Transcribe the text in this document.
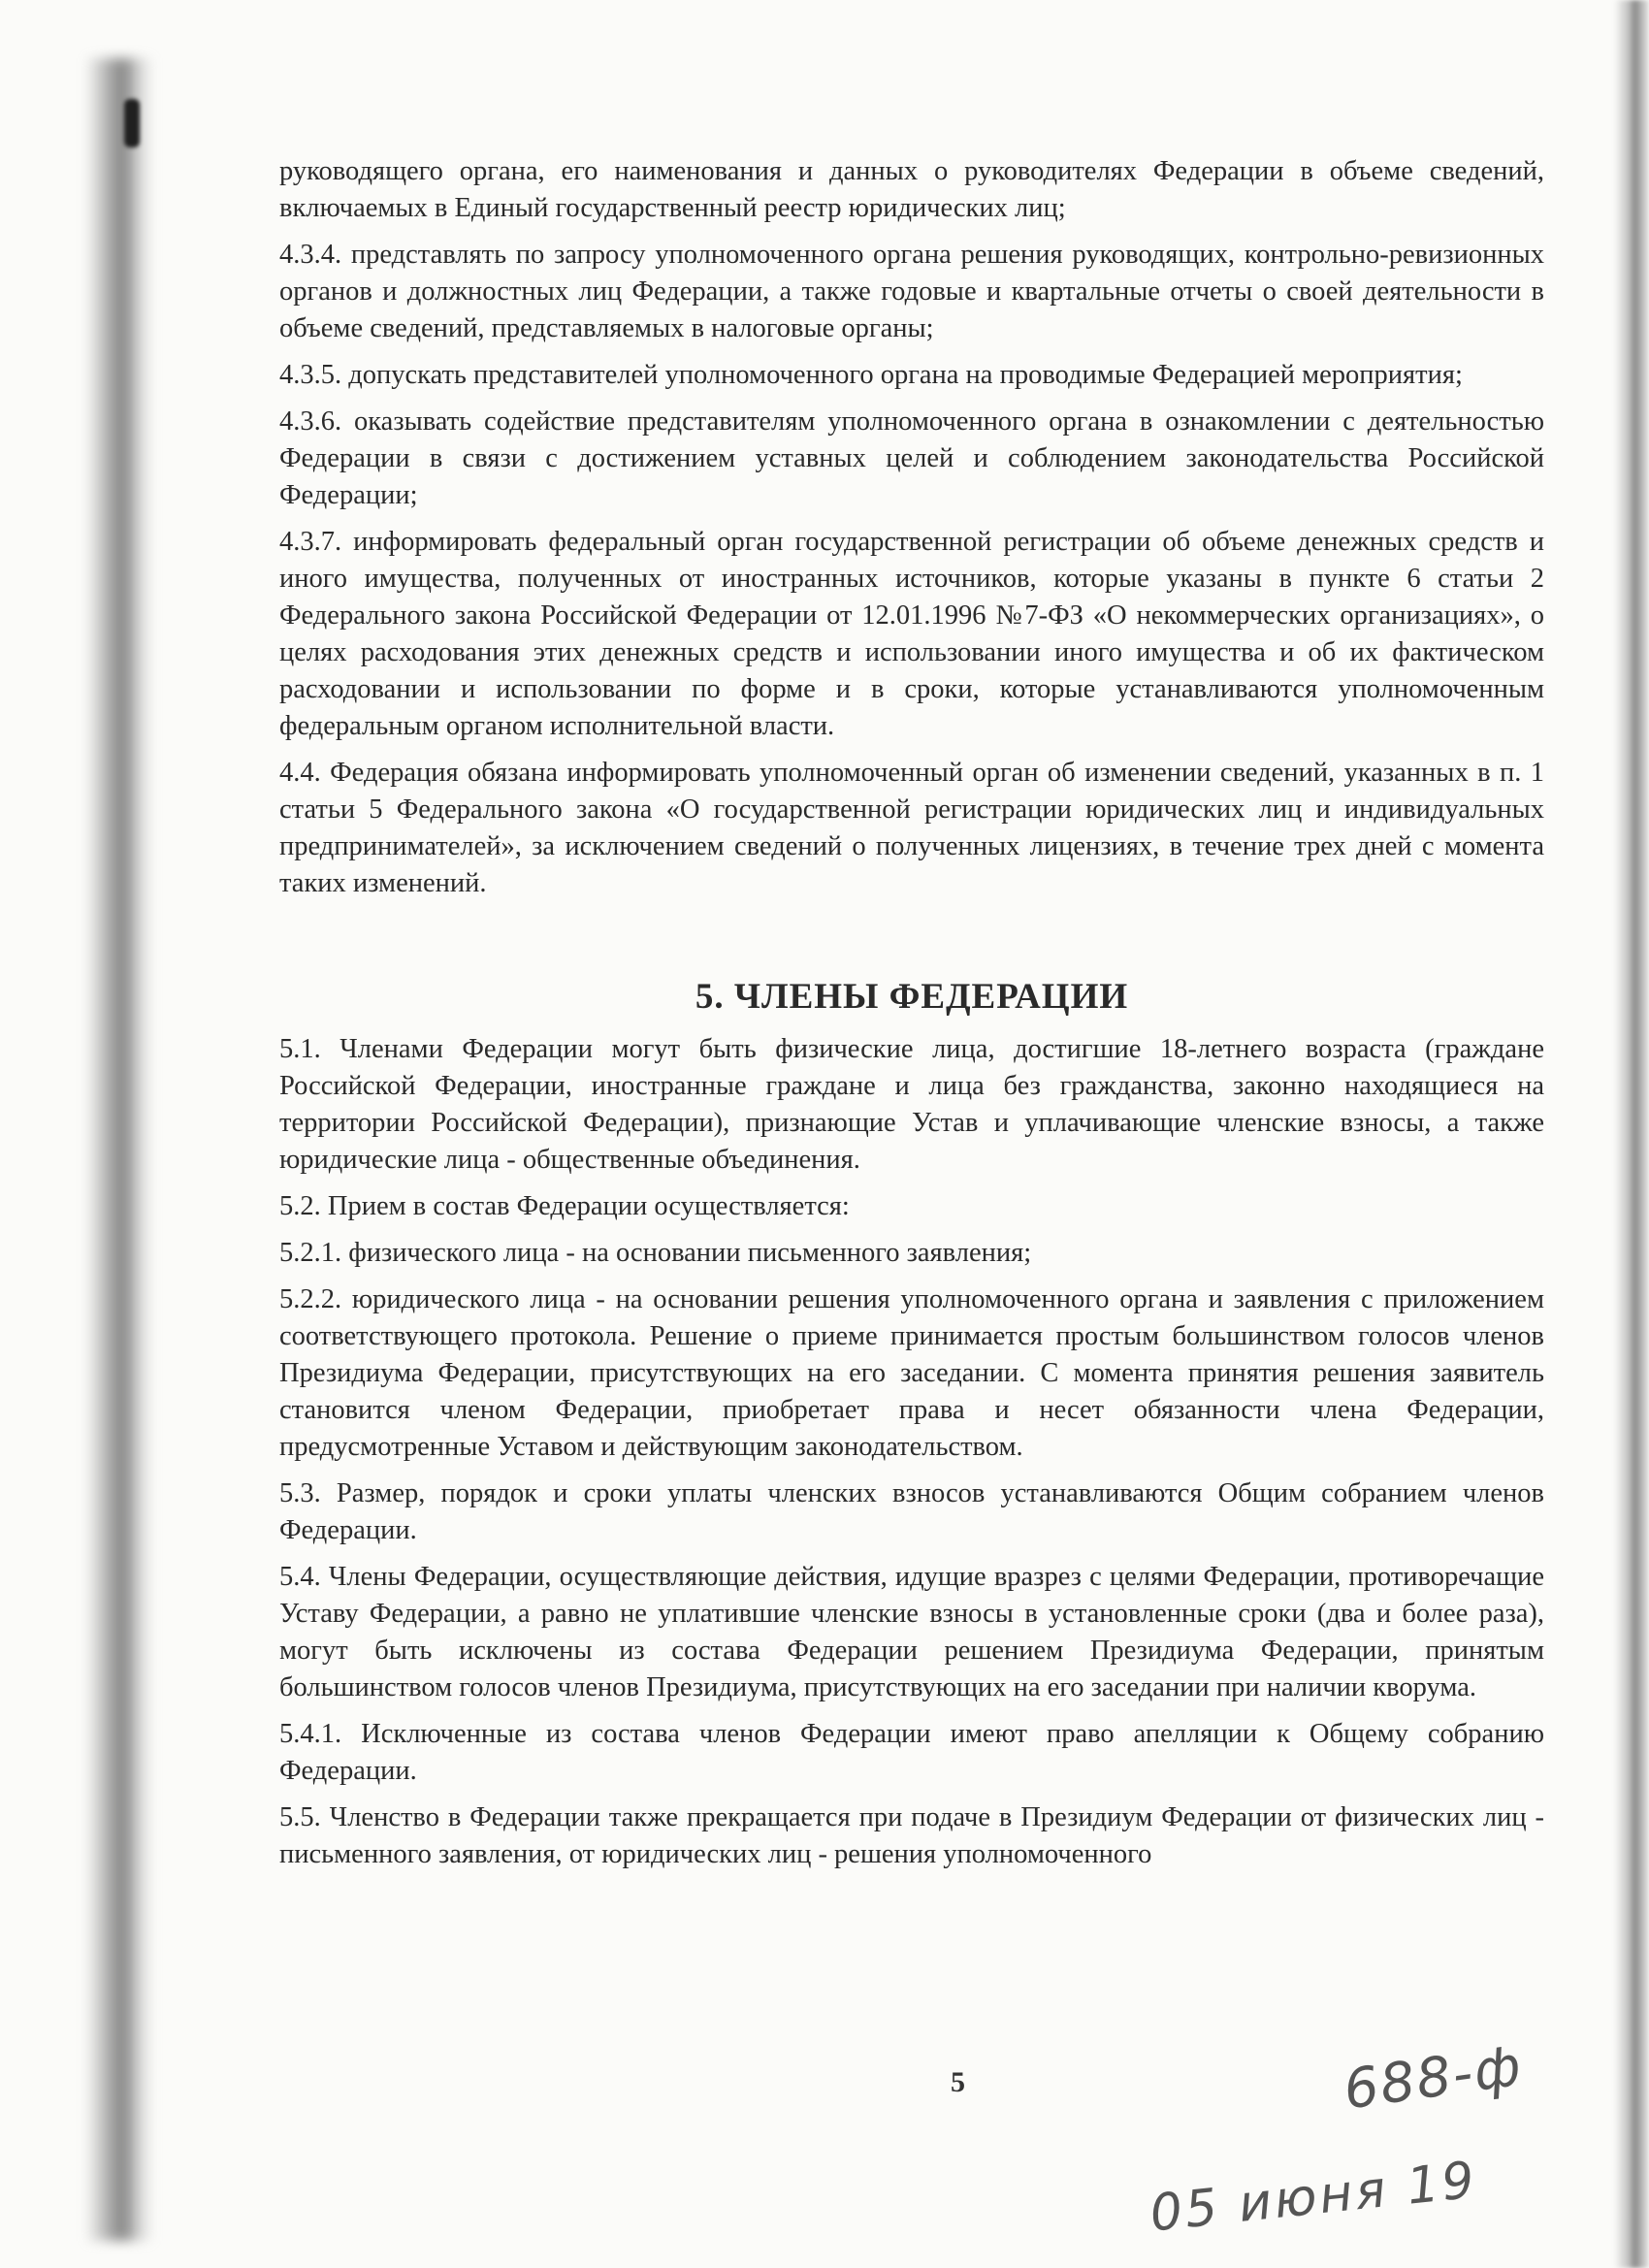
руководящего органа, его наименования и данных о руководителях Федерации в объеме сведений, включаемых в Единый государственный реестр юридических лиц;

4.3.4. представлять по запросу уполномоченного органа решения руководящих, контрольно-ревизионных органов и должностных лиц Федерации, а также годовые и квартальные отчеты о своей деятельности в объеме сведений, представляемых в налоговые органы;

4.3.5. допускать представителей уполномоченного органа на проводимые Федерацией мероприятия;

4.3.6. оказывать содействие представителям уполномоченного органа в ознакомлении с деятельностью Федерации в связи с достижением уставных целей и соблюдением законодательства Российской Федерации;

4.3.7. информировать федеральный орган государственной регистрации об объеме денежных средств и иного имущества, полученных от иностранных источников, которые указаны в пункте 6 статьи 2 Федерального закона Российской Федерации от 12.01.1996 №7-ФЗ «О некоммерческих организациях», о целях расходования этих денежных средств и использовании иного имущества и об их фактическом расходовании и использовании по форме и в сроки, которые устанавливаются уполномоченным федеральным органом исполнительной власти.

4.4. Федерация обязана информировать уполномоченный орган об изменении сведений, указанных в п. 1 статьи 5 Федерального закона «О государственной регистрации юридических лиц и индивидуальных предпринимателей», за исключением сведений о полученных лицензиях, в течение трех дней с момента таких изменений.

5. ЧЛЕНЫ ФЕДЕРАЦИИ

5.1. Членами Федерации могут быть физические лица, достигшие 18-летнего возраста (граждане Российской Федерации, иностранные граждане и лица без гражданства, законно находящиеся на территории Российской Федерации), признающие Устав и уплачивающие членские взносы, а также юридические лица - общественные объединения.

5.2. Прием в состав Федерации осуществляется:

5.2.1. физического лица - на основании письменного заявления;

5.2.2. юридического лица - на основании решения уполномоченного органа и заявления с приложением соответствующего протокола. Решение о приеме принимается простым большинством голосов членов Президиума Федерации, присутствующих на его заседании. С момента принятия решения заявитель становится членом Федерации, приобретает права и несет обязанности члена Федерации, предусмотренные Уставом и действующим законодательством.

5.3. Размер, порядок и сроки уплаты членских взносов устанавливаются Общим собранием членов Федерации.

5.4. Члены Федерации, осуществляющие действия, идущие вразрез с целями Федерации, противоречащие Уставу Федерации, а равно не уплатившие членские взносы в установленные сроки (два и более раза), могут быть исключены из состава Федерации решением Президиума Федерации, принятым большинством голосов членов Президиума, присутствующих на его заседании при наличии кворума.

5.4.1. Исключенные из состава членов Федерации имеют право апелляции к Общему собранию Федерации.

5.5. Членство в Федерации также прекращается при подаче в Президиум Федерации от физических лиц - письменного заявления, от юридических лиц - решения уполномоченного

5	688-ф
05 июня 19
